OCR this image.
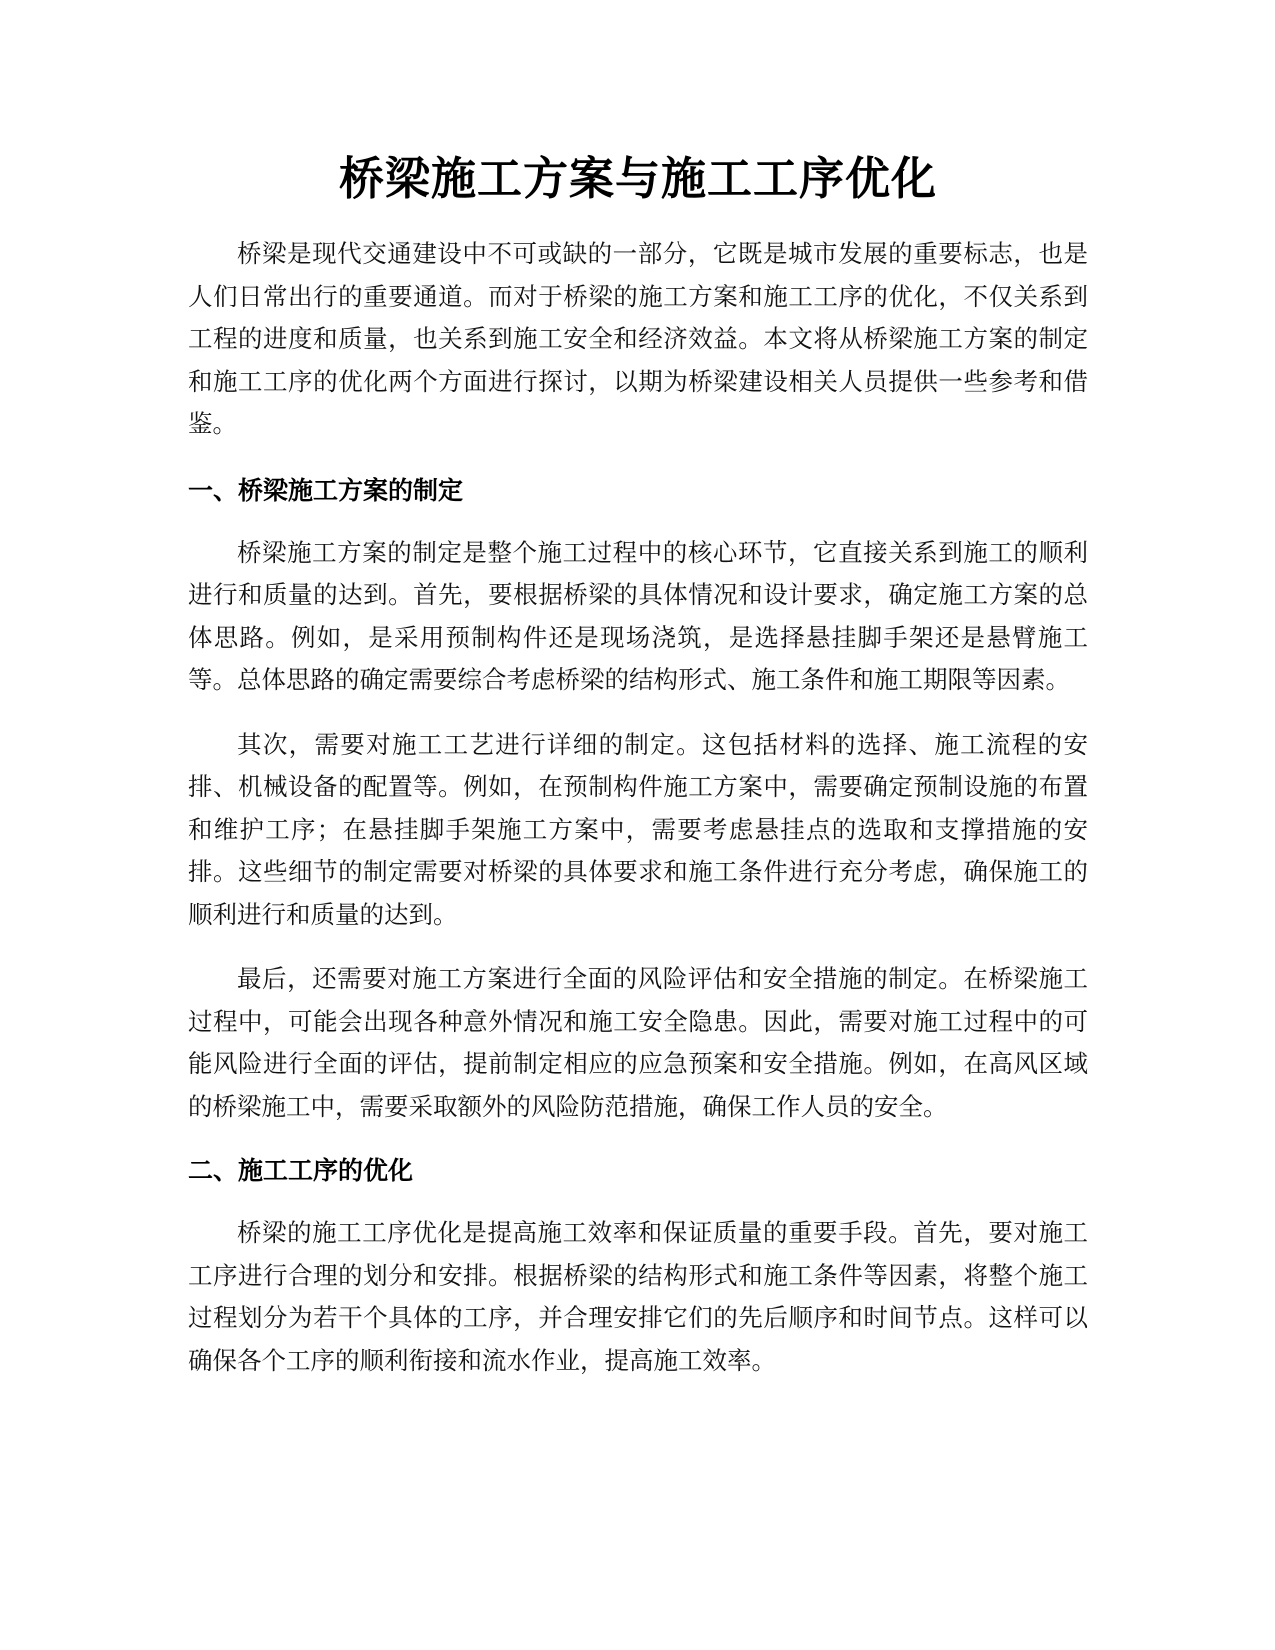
桥梁施工方案与施工工序优化

桥梁是现代交通建设中不可或缺的一部分，它既是城市发展的重要标志，也是人们日常出行的重要通道。而对于桥梁的施工方案和施工工序的优化，不仅关系到工程的进度和质量，也关系到施工安全和经济效益。本文将从桥梁施工方案的制定和施工工序的优化两个方面进行探讨，以期为桥梁建设相关人员提供一些参考和借鉴。

一、桥梁施工方案的制定

桥梁施工方案的制定是整个施工过程中的核心环节，它直接关系到施工的顺利进行和质量的达到。首先，要根据桥梁的具体情况和设计要求，确定施工方案的总体思路。例如，是采用预制构件还是现场浇筑，是选择悬挂脚手架还是悬臂施工等。总体思路的确定需要综合考虑桥梁的结构形式、施工条件和施工期限等因素。

其次，需要对施工工艺进行详细的制定。这包括材料的选择、施工流程的安排、机械设备的配置等。例如，在预制构件施工方案中，需要确定预制设施的布置和维护工序；在悬挂脚手架施工方案中，需要考虑悬挂点的选取和支撑措施的安排。这些细节的制定需要对桥梁的具体要求和施工条件进行充分考虑，确保施工的顺利进行和质量的达到。

最后，还需要对施工方案进行全面的风险评估和安全措施的制定。在桥梁施工过程中，可能会出现各种意外情况和施工安全隐患。因此，需要对施工过程中的可能风险进行全面的评估，提前制定相应的应急预案和安全措施。例如，在高风区域的桥梁施工中，需要采取额外的风险防范措施，确保工作人员的安全。

二、施工工序的优化

桥梁的施工工序优化是提高施工效率和保证质量的重要手段。首先，要对施工工序进行合理的划分和安排。根据桥梁的结构形式和施工条件等因素，将整个施工过程划分为若干个具体的工序，并合理安排它们的先后顺序和时间节点。这样可以确保各个工序的顺利衔接和流水作业，提高施工效率。
